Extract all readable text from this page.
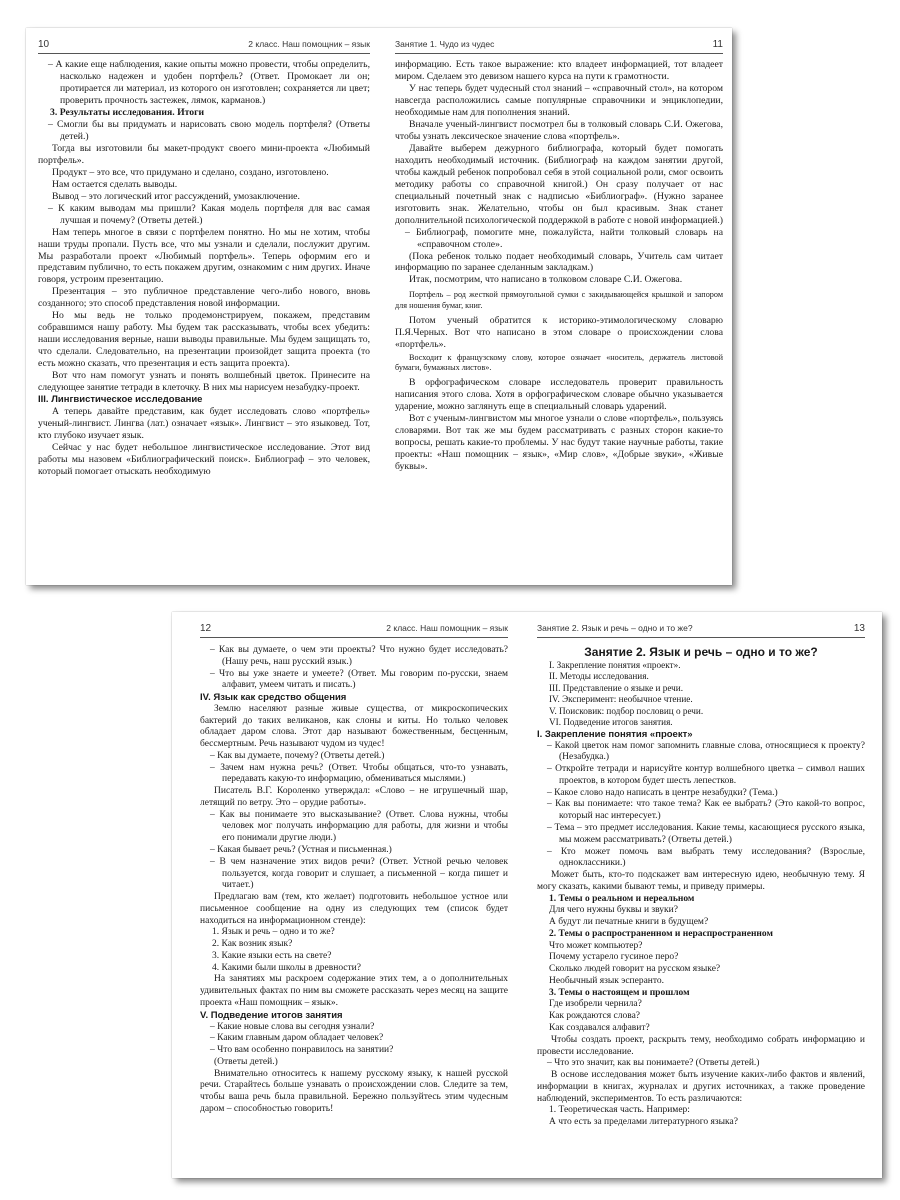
10	2 класс. Наш помощник – язык

– А какие еще наблюдения, какие опыты можно провести, чтобы определить, насколько надежен и удобен портфель? (Ответ. Промокает ли он; протирается ли материал, из которого он изготовлен; сохраняется ли цвет; проверить прочность застежек, лямок, карманов.)

3. Результаты исследования. Итоги

– Смогли бы вы придумать и нарисовать свою модель портфеля? (Ответы детей.)

Тогда вы изготовили бы макет-продукт своего мини-проекта «Любимый портфель».

Продукт – это все, что придумано и сделано, создано, изготовлено.

Нам остается сделать выводы.

Вывод – это логический итог рассуждений, умозаключение.

– К каким выводам мы пришли? Какая модель портфеля для вас самая лучшая и почему? (Ответы детей.)

Нам теперь многое в связи с портфелем понятно. Но мы не хотим, чтобы наши труды пропали. Пусть все, что мы узнали и сделали, послужит другим. Мы разработали проект «Любимый портфель». Теперь оформим его и представим публично, то есть покажем другим, ознакомим с ним других. Иначе говоря, устроим презентацию.

Презентация – это публичное представление чего-либо нового, вновь созданного; это способ представления новой информации.

Но мы ведь не только продемонстрируем, покажем, представим собравшимся нашу работу. Мы будем так рассказывать, чтобы всех убедить: наши исследования верные, наши выводы правильные. Мы будем защищать то, что сделали. Следовательно, на презентации произойдет защита проекта (то есть можно сказать, что презентация и есть защита проекта).

Вот что нам помогут узнать и понять волшебный цветок. Принесите на следующее занятие тетради в клеточку. В них мы нарисуем незабудку-проект.

III. Лингвистическое исследование

А теперь давайте представим, как будет исследовать слово «портфель» ученый-лингвист. Лингва (лат.) означает «язык». Лингвист – это языковед. Тот, кто глубоко изучает язык.

Сейчас у нас будет небольшое лингвистическое исследование. Этот вид работы мы назовем «Библиографический поиск». Библиограф – это человек, который помогает отыскать необходимую

Занятие 1. Чудо из чудес	11

информацию. Есть такое выражение: кто владеет информацией, тот владеет миром. Сделаем это девизом нашего курса на пути к грамотности.

У нас теперь будет чудесный стол знаний – «справочный стол», на котором навсегда расположились самые популярные справочники и энциклопедии, необходимые нам для пополнения знаний.

Вначале ученый-лингвист посмотрел бы в толковый словарь С.И. Ожегова, чтобы узнать лексическое значение слова «портфель».

Давайте выберем дежурного библиографа, который будет помогать находить необходимый источник. (Библиограф на каждом занятии другой, чтобы каждый ребенок попробовал себя в этой социальной роли, смог освоить методику работы со справочной книгой.) Он сразу получает от нас специальный почетный знак с надписью «Библиограф». (Нужно заранее изготовить знак. Желательно, чтобы он был красивым. Знак станет дополнительной психологической поддержкой в работе с новой информацией.)

– Библиограф, помогите мне, пожалуйста, найти толковый словарь на «справочном столе».

(Пока ребенок только подает необходимый словарь, Учитель сам читает информацию по заранее сделанным закладкам.)

Итак, посмотрим, что написано в толковом словаре С.И. Ожегова.

Портфель – род жесткой прямоугольной сумки с закидывающейся крышкой и запором для ношения бумаг, книг.

Потом ученый обратится к историко-этимологическому словарю П.Я.Черных. Вот что написано в этом словаре о происхождении слова «портфель».

Восходит к французскому слову, которое означает «носитель, держатель листовой бумаги, бумажных листов».

В орфографическом словаре исследователь проверит правильность написания этого слова. Хотя в орфографическом словаре обычно указывается ударение, можно заглянуть еще в специальный словарь ударений.

Вот с ученым-лингвистом мы многое узнали о слове «портфель», пользуясь словарями. Вот так же мы будем рассматривать с разных сторон какие-то вопросы, решать какие-то проблемы. У нас будут такие научные работы, такие проекты: «Наш помощник – язык», «Мир слов», «Добрые звуки», «Живые буквы».

12	2 класс. Наш помощник – язык

– Как вы думаете, о чем эти проекты? Что нужно будет исследовать? (Нашу речь, наш русский язык.)

– Что вы уже знаете и умеете? (Ответ. Мы говорим по-русски, знаем алфавит, умеем читать и писать.)

IV. Язык как средство общения

Землю населяют разные живые существа, от микроскопических бактерий до таких великанов, как слоны и киты. Но только человек обладает даром слова. Этот дар называют божественным, бесценным, бессмертным. Речь называют чудом из чудес!

– Как вы думаете, почему? (Ответы детей.)

– Зачем нам нужна речь? (Ответ. Чтобы общаться, что-то узнавать, передавать какую-то информацию, обмениваться мыслями.)

Писатель В.Г. Короленко утверждал: «Слово – не игрушечный шар, летящий по ветру. Это – орудие работы».

– Как вы понимаете это высказывание? (Ответ. Слова нужны, чтобы человек мог получать информацию для работы, для жизни и чтобы его понимали другие люди.)

– Какая бывает речь? (Устная и письменная.)

– В чем назначение этих видов речи? (Ответ. Устной речью человек пользуется, когда говорит и слушает, а письменной – когда пишет и читает.)

Предлагаю вам (тем, кто желает) подготовить небольшое устное или письменное сообщение на одну из следующих тем (список будет находиться на информационном стенде):

1. Язык и речь – одно и то же?

2. Как возник язык?

3. Какие языки есть на свете?

4. Какими были школы в древности?

На занятиях мы раскроем содержание этих тем, а о дополнительных удивительных фактах по ним вы сможете рассказать через месяц на защите проекта «Наш помощник – язык».

V. Подведение итогов занятия

– Какие новые слова вы сегодня узнали?

– Каким главным даром обладает человек?

– Что вам особенно понравилось на занятии?

(Ответы детей.)

Внимательно относитесь к нашему русскому языку, к нашей русской речи. Старайтесь больше узнавать о происхождении слов. Следите за тем, чтобы ваша речь была правильной. Бережно пользуйтесь этим чудесным даром – способностью говорить!

Занятие 2. Язык и речь – одно и то же?	13

Занятие 2. Язык и речь – одно и то же?

I. Закрепление понятия «проект».

II. Методы исследования.

III. Представление о языке и речи.

IV. Эксперимент: необычное чтение.

V. Поисковик: подбор пословиц о речи.

VI. Подведение итогов занятия.

I. Закрепление понятия «проект»

– Какой цветок нам помог запомнить главные слова, относящиеся к проекту? (Незабудка.)

– Откройте тетради и нарисуйте контур волшебного цветка – символ наших проектов, в котором будет шесть лепестков.

– Какое слово надо написать в центре незабудки? (Тема.)

– Как вы понимаете: что такое тема? Как ее выбрать? (Это какой-то вопрос, который нас интересует.)

– Тема – это предмет исследования. Какие темы, касающиеся русского языка, мы можем рассматривать? (Ответы детей.)

– Кто может помочь вам выбрать тему исследования? (Взрослые, одноклассники.)

Может быть, кто-то подскажет вам интересную идею, необычную тему. Я могу сказать, какими бывают темы, и приведу примеры.

1. Темы о реальном и нереальном

Для чего нужны буквы и звуки?

А будут ли печатные книги в будущем?

2. Темы о распространенном и нераспространенном

Что может компьютер?

Почему устарело гусиное перо?

Сколько людей говорит на русском языке?

Необычный язык эсперанто.

3. Темы о настоящем и прошлом

Где изобрели чернила?

Как рождаются слова?

Как создавался алфавит?

Чтобы создать проект, раскрыть тему, необходимо собрать информацию и провести исследование.

– Что это значит, как вы понимаете? (Ответы детей.)

В основе исследования может быть изучение каких-либо фактов и явлений, информации в книгах, журналах и других источниках, а также проведение наблюдений, экспериментов. То есть различаются:

1. Теоретическая часть. Например:

А что есть за пределами литературного языка?
